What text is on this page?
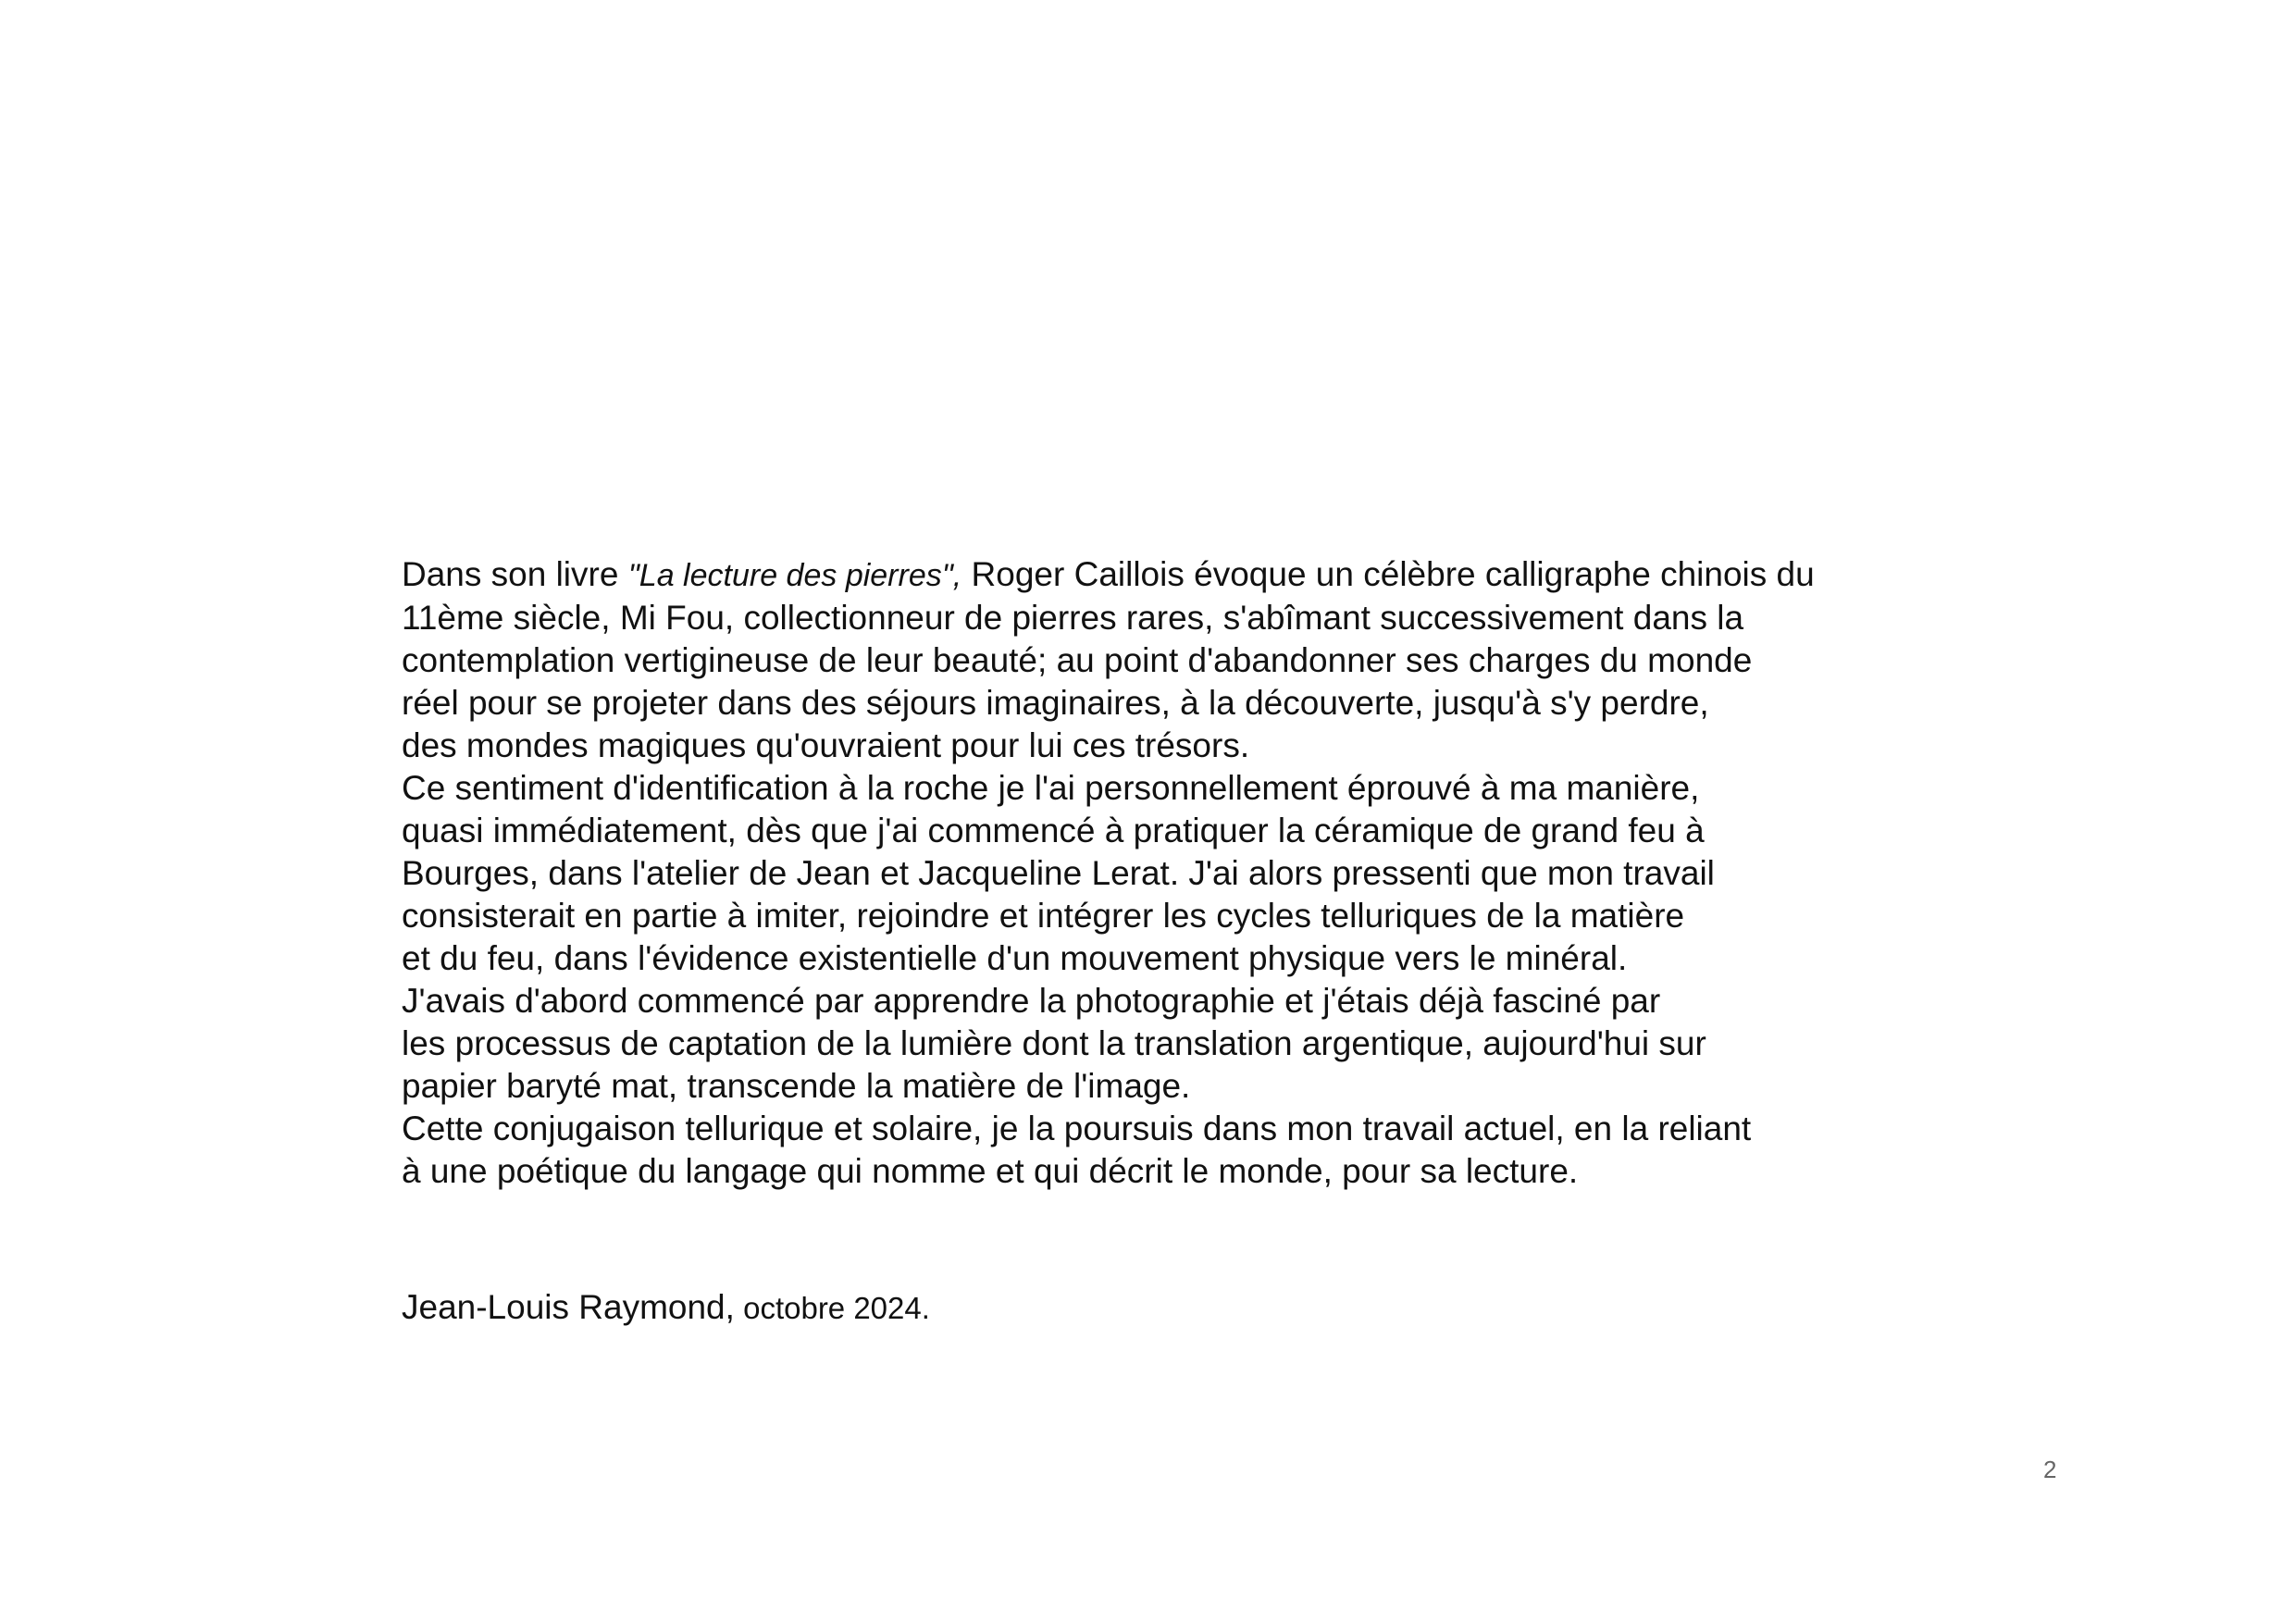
Dans son livre "La lecture des pierres", Roger Caillois évoque un célèbre calligraphe chinois du
11ème siècle, Mi Fou, collectionneur de pierres rares, s'abîmant successivement dans la
contemplation vertigineuse de leur beauté; au point d'abandonner ses charges du monde
réel pour se projeter dans des séjours imaginaires, à la découverte, jusqu'à s'y perdre,
des mondes magiques qu'ouvraient pour lui ces trésors.
Ce sentiment d'identification à la roche je l'ai personnellement éprouvé à ma manière,
quasi immédiatement, dès que j'ai commencé à pratiquer la céramique de grand feu à
Bourges, dans l'atelier de Jean et Jacqueline Lerat. J'ai alors pressenti que mon travail
consisterait en partie à imiter, rejoindre et intégrer les cycles telluriques de la matière
et du feu, dans l'évidence existentielle d'un mouvement physique vers le minéral.
J'avais d'abord commencé par apprendre la photographie et j'étais déjà fasciné par
les processus de captation de la lumière dont la translation argentique, aujourd'hui sur
papier baryté mat, transcende la matière de l'image.
Cette conjugaison tellurique et solaire, je la poursuis dans mon travail actuel, en la reliant
à une poétique du langage qui nomme et qui décrit le monde, pour sa lecture.
Jean-Louis Raymond, octobre 2024.
2
